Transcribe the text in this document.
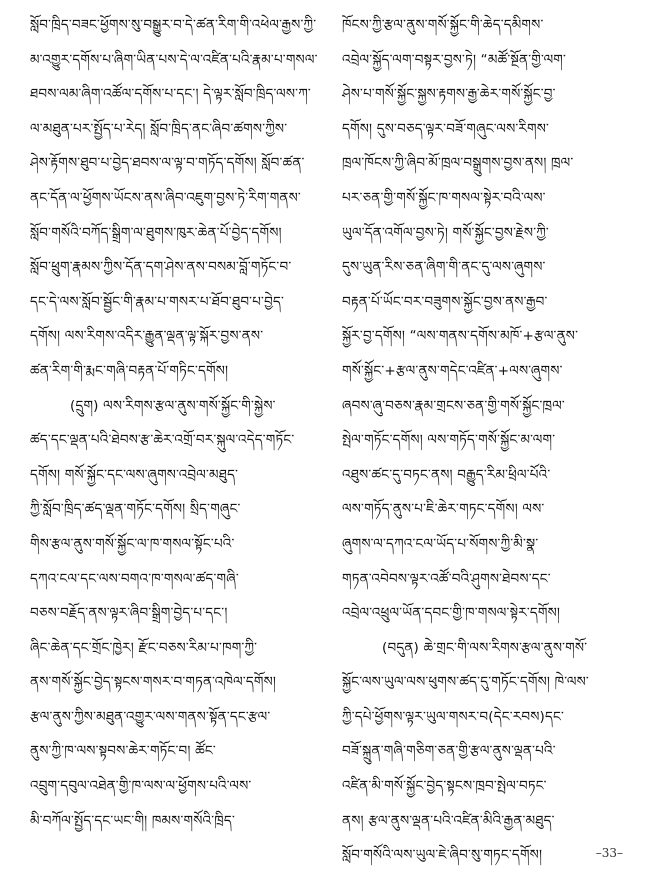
སློབ་ཁྲིད་བཟང་ཕྱོགས་སུ་བསྒྱུར་བ་དེ་ཚན་རིག་གི་འཕེལ་རྒྱས་ཀྱི་
མ་འགྱུར་དགོས་པ་ཞིག་ཡིན་པས་དེ་ལ་འཛིན་པའི་རྣམ་པ་གསལ་
ཐབས་ལམ་ཞིག་འཚོལ་དགོས་པ་དང་། དེ་ལྟར་སློབ་ཁྲིད་ལས་ཀ་
ལ་མཐུན་པར་སྤྱོད་པ་རེད། སློབ་ཁྲིད་ནང་ཞིབ་ཚགས་ཀྱིས་
ཤེས་རྟོགས་ཐུབ་པ་བྱེད་ཐབས་ལ་ལྟ་བ་གཏོད་དགོས། སློབ་ཚན་
ནང་དོན་ལ་ཕྱོགས་ཡོངས་ནས་ཞིབ་འཇུག་བྱས་ཏེ་རིག་གནས་
སློབ་གསོའི་བཀོད་སྒྲིག་ལ་ཐུགས་ཁུར་ཆེན་པོ་བྱེད་དགོས།
སློབ་ཕྲུག་རྣམས་ཀྱིས་དོན་དག་ཤེས་ནས་བསམ་བློ་གཏོང་བ་
དང་དེ་ལས་སློབ་སྦྱོང་གི་རྣམ་པ་གསར་པ་ཐོབ་ཐུབ་པ་བྱེད་
དགོས། ལས་རིགས་འདིར་རྒྱུན་ལྡན་ལྟ་སྐོར་བྱས་ནས་
ཚན་རིག་གི་རྨང་གཞི་བརྟན་པོ་གཏིང་དགོས།
(དྲུག) ལས་རིགས་རྩལ་ནུས་གསོ་སྐྱོང་གི་སྐྱེས་
ཚད་དང་ལྡན་པའི་ཐེབས་རྩ་ཆེར་འགྲོ་བར་སྐུལ་འདེད་གཏོང་
དགོས། གསོ་སྐྱོང་དང་ལས་ཞུགས་འབྲེལ་མཐུད་
ཀྱི་སློབ་ཁྲིད་ཚད་ལྡན་གཏོང་དགོས། སྲིད་གཞུང་
གིས་རྩལ་ནུས་གསོ་སྐྱོང་ལ་ཁ་གསལ་སྟོང་པའི་
དཀའ་ངལ་དང་ལས་བགའ་ཁ་གསལ་ཚད་གཞི་
བཅས་བརྗོད་ནས་ལྟར་ཞིབ་སྒྲིག་བྱེད་པ་དང་།
ཞིང་ཆེན་དང་གྲོང་ཁྱེར། རྫོང་བཅས་རིམ་པ་ཁག་ཀྱི་
ནས་གསོ་སྐྱོང་བྱེད་སྟངས་གསར་བ་གཏན་འཁེལ་དགོས།
རྩལ་ནུས་ཀྱིས་མཐུན་འགྱུར་ལས་གནས་སྟོན་དང་རྩལ་
ནུས་ཀྱི་ཁ་ལས་སྟབས་ཆེར་གཏོང་བ། ཚོང་
འབྲུག་དབུལ་འཐེན་གྱི་ཁ་ལས་ལ་ཕྱོགས་པའི་ལས་
མི་བཀོལ་སྤྱོད་དང་ཡང་གི། ཁམས་གསོའི་ཁྲིད་
ཁོངས་ཀྱི་རྩལ་ནུས་གསོ་སྐྱོང་གི་ཆེད་དམིགས་
འབྲེལ་སྐྱོད་ལག་བསྟར་བྱས་ཏེ། “མཚོ་སྔོན་གྱི་ལག་
ཤེས་པ་གསོ་སྐྱོང་སྐྱས་རྟགས་རྒྱ་ཆེར་གསོ་སྐྱོང་བྱ་
དགོས། དུས་བཅད་ལྟར་བཟོ་གཞུང་ལས་རིགས་
ཁྲལ་ཁོངས་ཀྱི་ཞིབ་མོ་ཁྲལ་བསྒྲུགས་བྱས་ནས། ཁྲལ་
པར་ཅན་གྱི་གསོ་སྐྱོང་ཁ་གསལ་སྟེར་བའི་ལས་
ཡུལ་དོན་འགོལ་བྱས་ཏེ། གསོ་སྐྱོང་བྱས་རྗེས་ཀྱི་
དུས་ཡུན་རིས་ཅན་ཞིག་གི་ནང་དུ་ལས་ཞུགས་
བརྟན་པོ་ཡོང་བར་བཟུགས་སྐྱོང་བྱས་ནས་རྒྱབ་
སྐྱོར་བྱ་དགོས། “ལས་གནས་དགོས་མཁོ་+རྩལ་ནུས་
གསོ་སྐྱོང་+རྩལ་ནུས་གདེང་འཛིན་+ལས་ཞུགས་
ཞབས་ཞུ་བཅས་རྣམ་གྲངས་ཅན་གྱི་གསོ་སྐྱོང་ཁྲལ་
སྤེལ་གཏོང་དགོས། ལས་གཏོད་གསོ་སྐྱོང་མ་ལག་
འཐུས་ཚང་དུ་བཏང་ནས། བརྒྱུད་རིམ་ཕྲིལ་པོའི་
ལས་གཏོད་ནུས་པ་ཇི་ཆེར་གཏང་དགོས། ལས་
ཞུགས་ལ་དཀའ་ངལ་ཡོད་པ་སོགས་ཀྱི་མི་སྣ་
གཏན་འབེབས་ལྟར་འཚོ་བའི་ཤུགས་ཐེབས་དང་
འབྲེལ་འཕྲུལ་ཡོན་དབང་གྱི་ཁ་གསལ་སྟེར་དགོས།
(བདུན) ཆེ་གྲང་གི་ལས་རིགས་རྩལ་ནུས་གསོ་
སྐྱོང་ལས་ཡུལ་ལས་ཕུགས་ཚད་དུ་གཏོང་དགོས། ཁེ་ལས་
ཀྱི་དཔེ་ཕྱོགས་ལྟར་ཡུལ་གསར་བ(དེང་རབས)དང་
བཟོ་སྐྲུན་གཞི་གཅིག་ཅན་གྱི་རྩལ་ནུས་ལྡན་པའི་
འཛིན་མི་གསོ་སྐྱོང་བྱེད་སྟངས་ཁྲབ་སྤེལ་བཏང་
ནས། རྩལ་ནུས་ལྡན་པའི་འཛིན་མིའི་རྒྱན་མཐུད་
སློབ་གསོའི་ལས་ཡུལ་ཇེ་ཞིབ་སུ་གཏང་དགོས།	–33–
